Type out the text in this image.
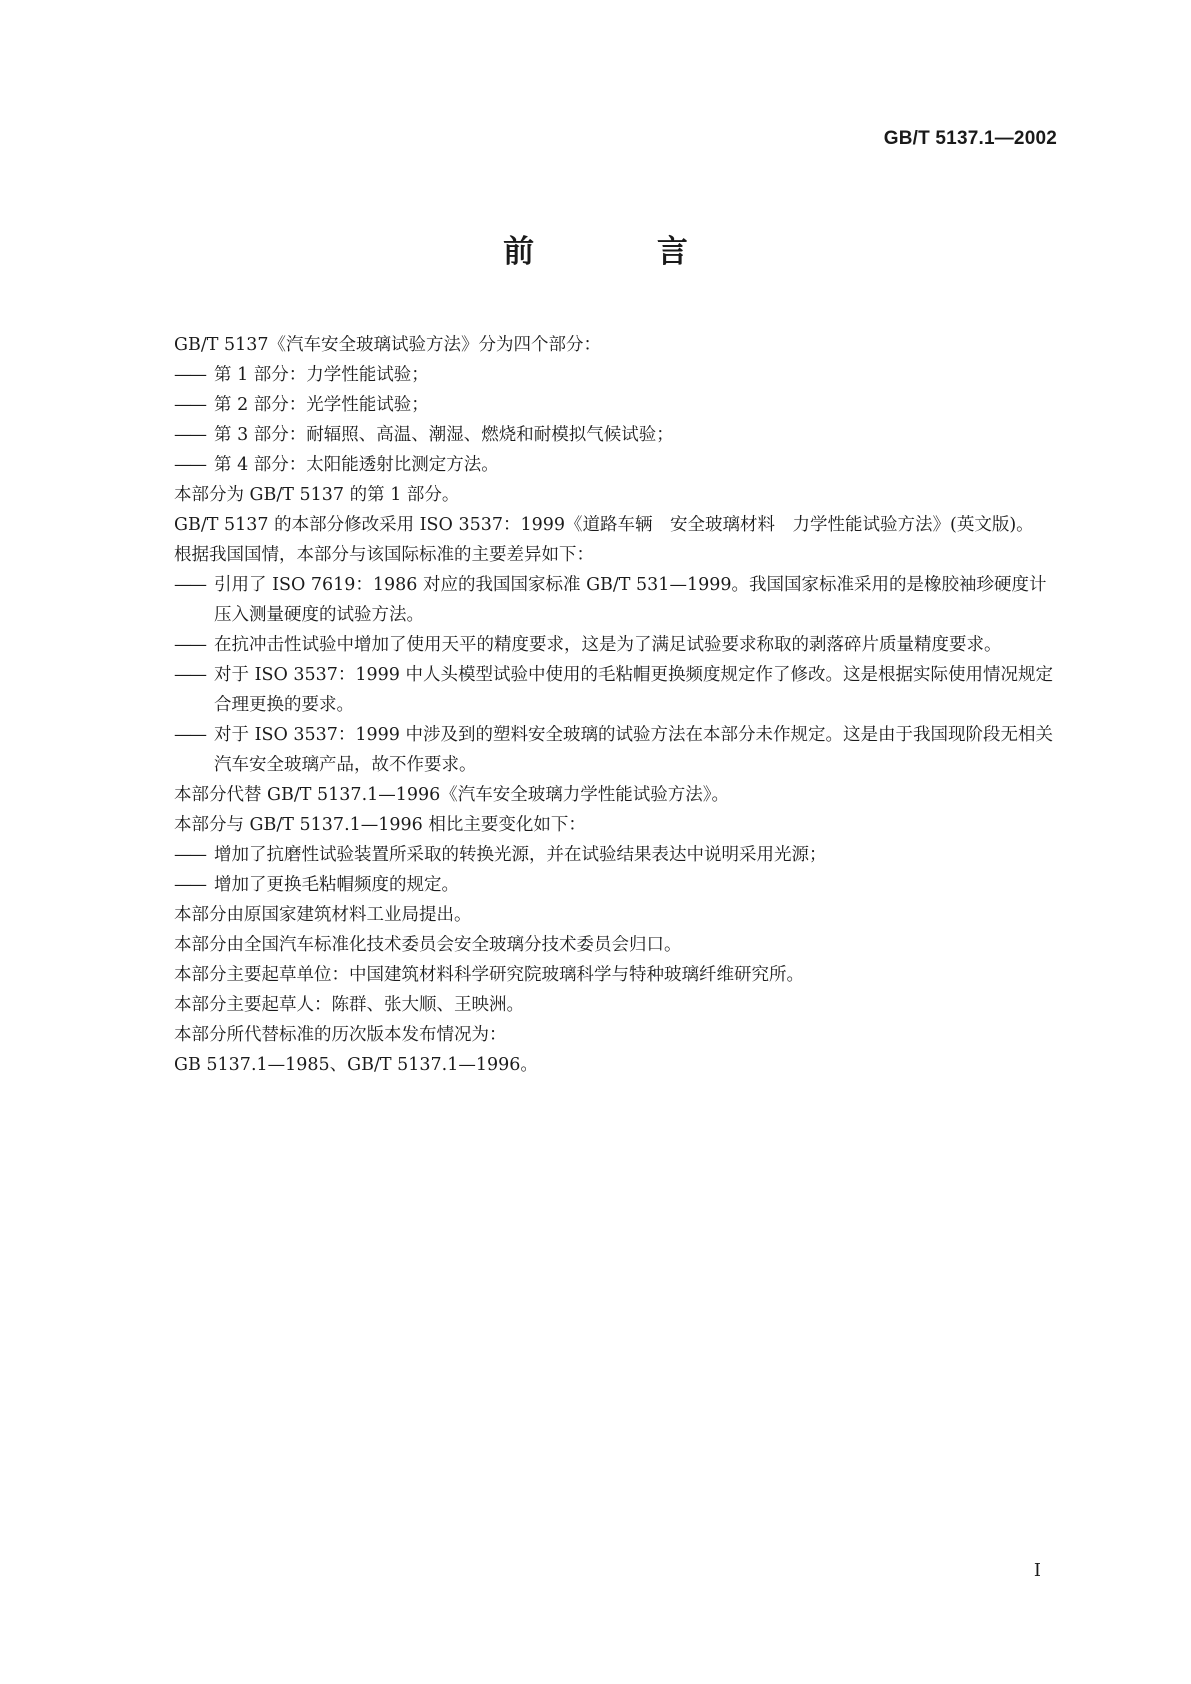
GB/T 5137.1—2002
前 言

GB/T 5137《汽车安全玻璃试验方法》分为四个部分：

—— 第 1 部分：力学性能试验；

—— 第 2 部分：光学性能试验；

—— 第 3 部分：耐辐照、高温、潮湿、燃烧和耐模拟气候试验；

—— 第 4 部分：太阳能透射比测定方法。

本部分为 GB/T 5137 的第 1 部分。

GB/T 5137 的本部分修改采用 ISO 3537：1999《道路车辆　安全玻璃材料　力学性能试验方法》(英文版)。

根据我国国情，本部分与该国际标准的主要差异如下：

—— 引用了 ISO 7619：1986 对应的我国国家标准 GB/T 531—1999。我国国家标准采用的是橡胶袖珍硬度计压入测量硬度的试验方法。

—— 在抗冲击性试验中增加了使用天平的精度要求，这是为了满足试验要求称取的剥落碎片质量精度要求。

—— 对于 ISO 3537：1999 中人头模型试验中使用的毛粘帽更换频度规定作了修改。这是根据实际使用情况规定合理更换的要求。

—— 对于 ISO 3537：1999 中涉及到的塑料安全玻璃的试验方法在本部分未作规定。这是由于我国现阶段无相关汽车安全玻璃产品，故不作要求。

本部分代替 GB/T 5137.1—1996《汽车安全玻璃力学性能试验方法》。

本部分与 GB/T 5137.1—1996 相比主要变化如下：

—— 增加了抗磨性试验装置所采取的转换光源，并在试验结果表达中说明采用光源；

—— 增加了更换毛粘帽频度的规定。

本部分由原国家建筑材料工业局提出。

本部分由全国汽车标准化技术委员会安全玻璃分技术委员会归口。

本部分主要起草单位：中国建筑材料科学研究院玻璃科学与特种玻璃纤维研究所。

本部分主要起草人：陈群、张大顺、王映洲。

本部分所代替标准的历次版本发布情况为：

GB 5137.1—1985、GB/T 5137.1—1996。

I
